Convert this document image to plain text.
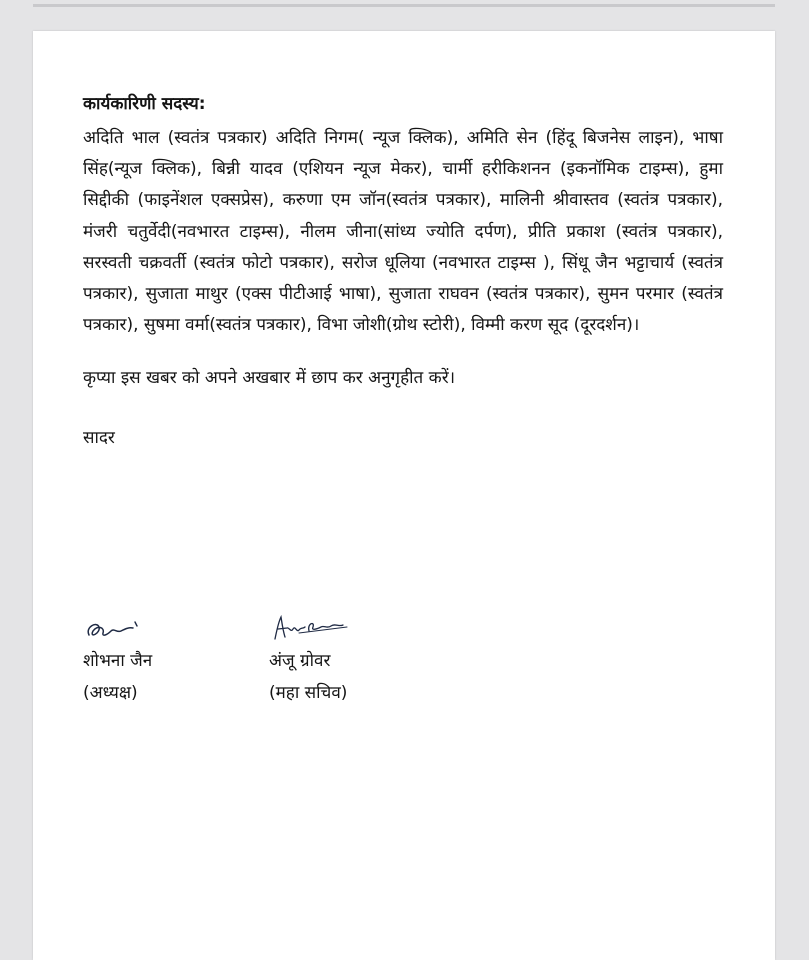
कार्यकारिणी सदस्य:

अदिति भाल (स्वतंत्र पत्रकार) अदिति निगम( न्यूज क्लिक), अमिति सेन (हिंदू बिजनेस लाइन), भाषा सिंह(न्यूज क्लिक), बिन्नी यादव (एशियन न्यूज मेकर), चार्मी हरीकिशनन (इकनॉमिक टाइम्स), हुमा सिद्दीकी (फाइनेंशल एक्सप्रेस), करुणा एम जॉन(स्वतंत्र पत्रकार), मालिनी श्रीवास्तव (स्वतंत्र पत्रकार), मंजरी चतुर्वेदी(नवभारत टाइम्स), नीलम जीना(सांध्य ज्योति दर्पण), प्रीति प्रकाश (स्वतंत्र पत्रकार), सरस्वती चक्रवर्ती (स्वतंत्र फोटो पत्रकार), सरोज धूलिया (नवभारत टाइम्स ), सिंधू जैन भट्टाचार्य (स्वतंत्र पत्रकार), सुजाता माथुर (एक्स पीटीआई भाषा), सुजाता राघवन (स्वतंत्र पत्रकार), सुमन परमार (स्वतंत्र पत्रकार), सुषमा वर्मा(स्वतंत्र पत्रकार), विभा जोशी(ग्रोथ स्टोरी), विम्मी करण सूद (दूरदर्शन)।

कृप्या इस खबर को अपने अखबार में छाप कर अनुगृहीत करें।

सादर

शोभना जैन
(अध्यक्ष)
अंजू ग्रोवर
(महा सचिव)
